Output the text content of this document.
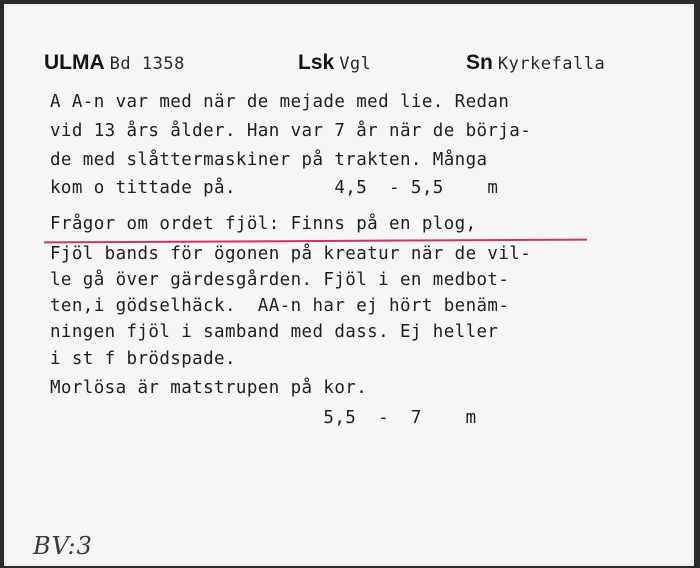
ULMA Bd 1358	Lsk Vgl	Sn Kyrkefalla
A A-n var med när de mejade med lie. Redan
vid 13 års ålder. Han var 7 år när de börja-
de med slåttermaskiner på trakten. Många
kom o tittade på.         4,5  - 5,5    m
Frågor om ordet fjöl: Finns på en plog,
Fjöl bands för ögonen på kreatur när de vil-
le gå över gärdesgården. Fjöl i en medbot-
ten,i gödselhäck.  AA-n har ej hört benäm-
ningen fjöl i samband med dass. Ej heller
i st f brödspade.
Morlösa är matstrupen på kor.
5,5  -  7    m
BV:3
